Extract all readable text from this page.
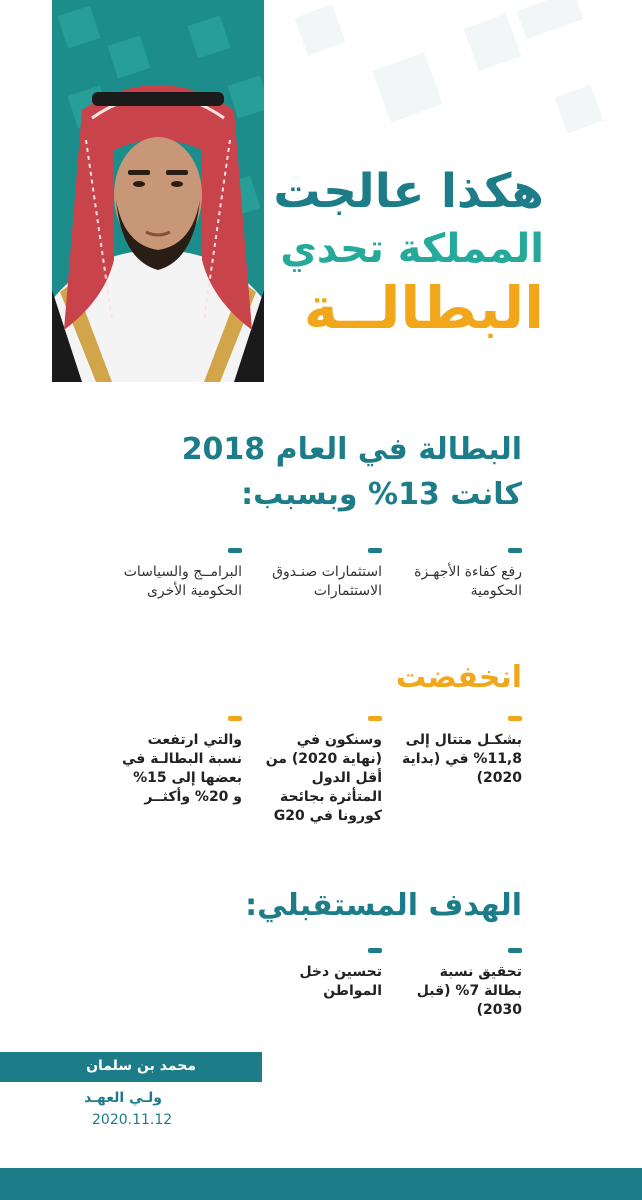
هكذا عالجت
المملكة تحدي
البطالــة
البطالة في العام 2018
كانت 13% وبسبب:
رفع كفاءة الأجهـزة الحكومية
استثمارات صنـدوق الاستثمارات
البرامــج والسياسات الحكومية الأخرى
انخفضت
بشكـل متتال إلى 11,8% في (بداية 2020)
وسنكون في (نهاية 2020) من أقل الدول المتأثرة بجائحة كورونا في G20
والتي ارتفعت نسبة البطالـة في بعضها إلى 15% و 20% وأكثــر
الهدف المستقبلي:
تحقيق نسبة بطالة 7% (قبل 2030)
تحسين دخل المواطن
محمد بن سلمان
ولـي العهـد
2020.11.12
